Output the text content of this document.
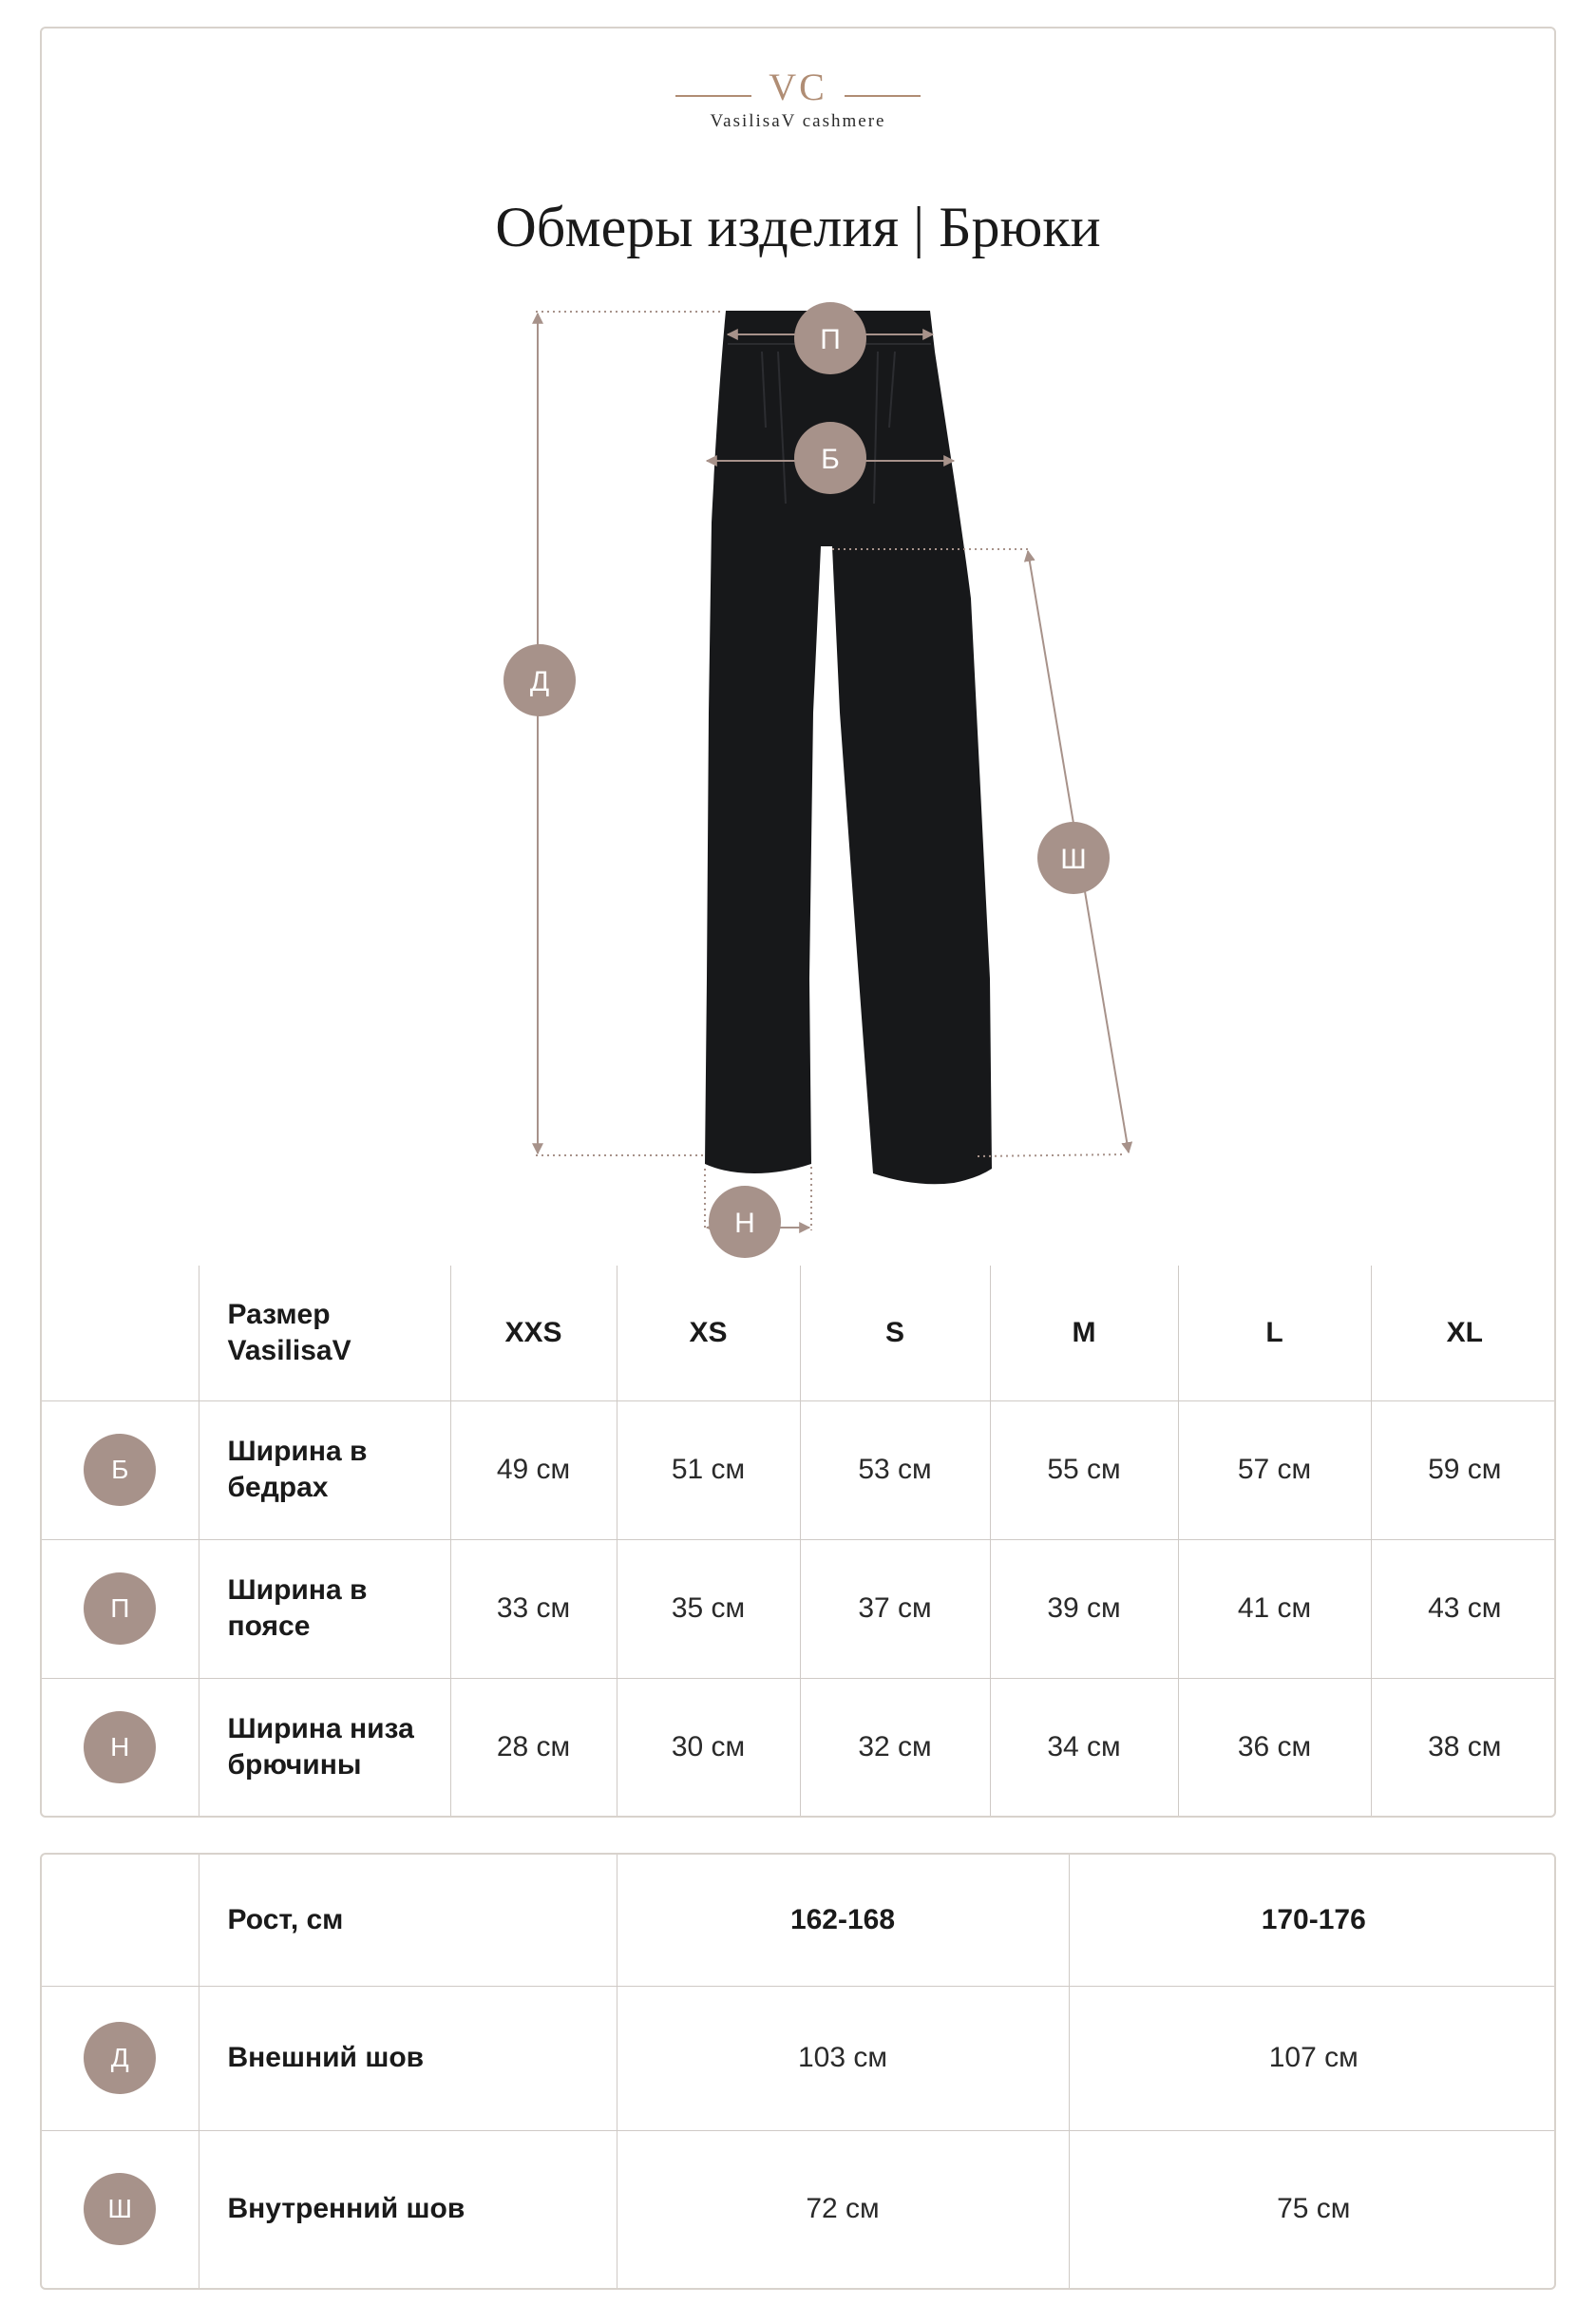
VC
VasilisaV cashmere
Обмеры изделия | Брюки
П
Б
Д
Ш
Н
	Размер VasilisaV	XXS	XS	S	M	L	XL
Б	Ширина в бедрах	49 см	51 см	53 см	55 см	57 см	59 см
П	Ширина в поясе	33 см	35 см	37 см	39 см	41 см	43 см
Н	Ширина низа брючины	28 см	30 см	32 см	34 см	36 см	38 см
	Рост, см	162-168	170-176
Д	Внешний шов	103 см	107 см
Ш	Внутренний шов	72 см	75 см
